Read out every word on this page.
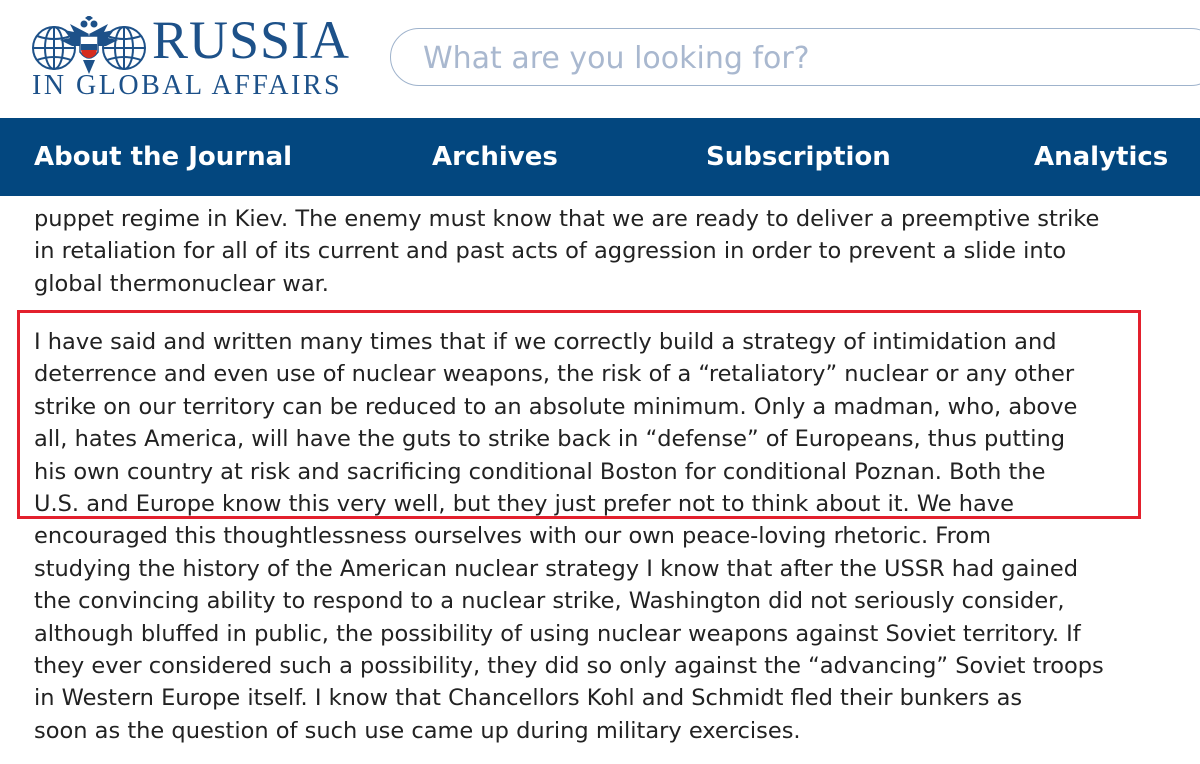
RUSSIA
IN GLOBAL AFFAIRS
What are you looking for?
About the Journal	Archives	Subscription	Analytics

puppet regime in Kiev. The enemy must know that we are ready to deliver a preemptive strike
in retaliation for all of its current and past acts of aggression in order to prevent a slide into
global thermonuclear war.

I have said and written many times that if we correctly build a strategy of intimidation and
deterrence and even use of nuclear weapons, the risk of a “retaliatory” nuclear or any other
strike on our territory can be reduced to an absolute minimum. Only a madman, who, above
all, hates America, will have the guts to strike back in “defense” of Europeans, thus putting
his own country at risk and sacrificing conditional Boston for conditional Poznan. Both the
U.S. and Europe know this very well, but they just prefer not to think about it. We have
encouraged this thoughtlessness ourselves with our own peace-loving rhetoric. From
studying the history of the American nuclear strategy I know that after the USSR had gained
the convincing ability to respond to a nuclear strike, Washington did not seriously consider,
although bluffed in public, the possibility of using nuclear weapons against Soviet territory. If
they ever considered such a possibility, they did so only against the “advancing” Soviet troops
in Western Europe itself. I know that Chancellors Kohl and Schmidt fled their bunkers as
soon as the question of such use came up during military exercises.
